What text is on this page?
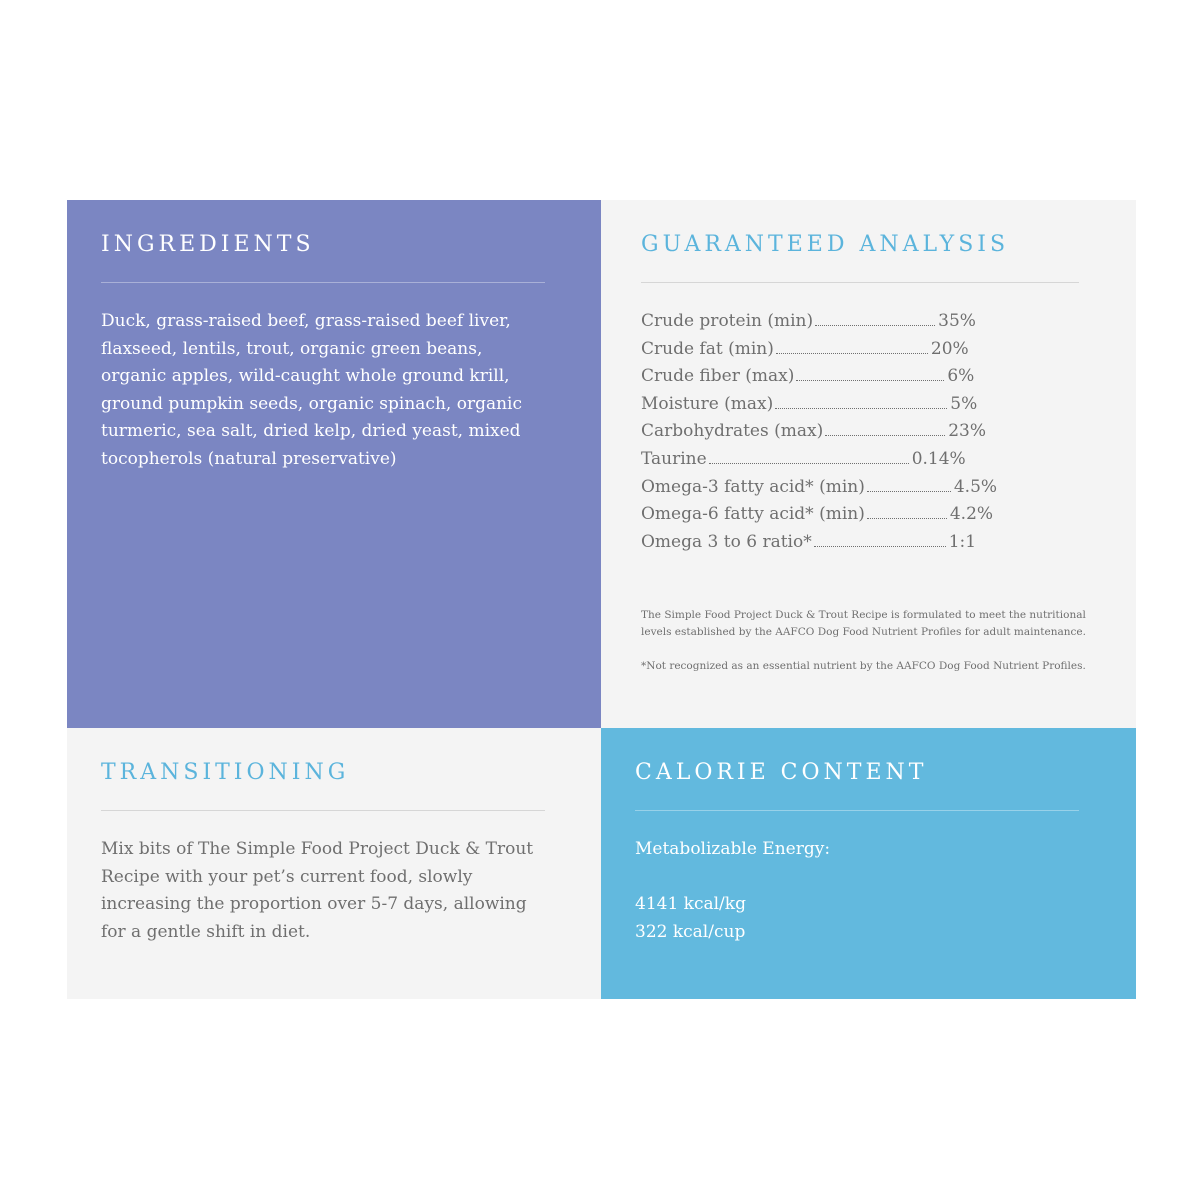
INGREDIENTS

Duck, grass-raised beef, grass-raised beef liver, flaxseed, lentils, trout, organic green beans, organic apples, wild-caught whole ground krill, ground pumpkin seeds, organic spinach, organic turmeric, sea salt, dried kelp, dried yeast, mixed tocopherols (natural preservative)

GUARANTEED ANALYSIS
Crude protein (min)	35%
Crude fat (min)	20%
Crude fiber (max)	6%
Moisture (max)	5%
Carbohydrates (max)	23%
Taurine	0.14%
Omega-3 fatty acid* (min)	4.5%
Omega-6 fatty acid* (min)	4.2%
Omega 3 to 6 ratio*	1:1

The Simple Food Project Duck & Trout Recipe is formulated to meet the nutritional levels established by the AAFCO Dog Food Nutrient Profiles for adult maintenance.

*Not recognized as an essential nutrient by the AAFCO Dog Food Nutrient Profiles.

TRANSITIONING

Mix bits of The Simple Food Project Duck & Trout Recipe with your pet’s current food, slowly increasing the proportion over 5-7 days, allowing for a gentle shift in diet.

CALORIE CONTENT

Metabolizable Energy:

4141 kcal/kg
322 kcal/cup
